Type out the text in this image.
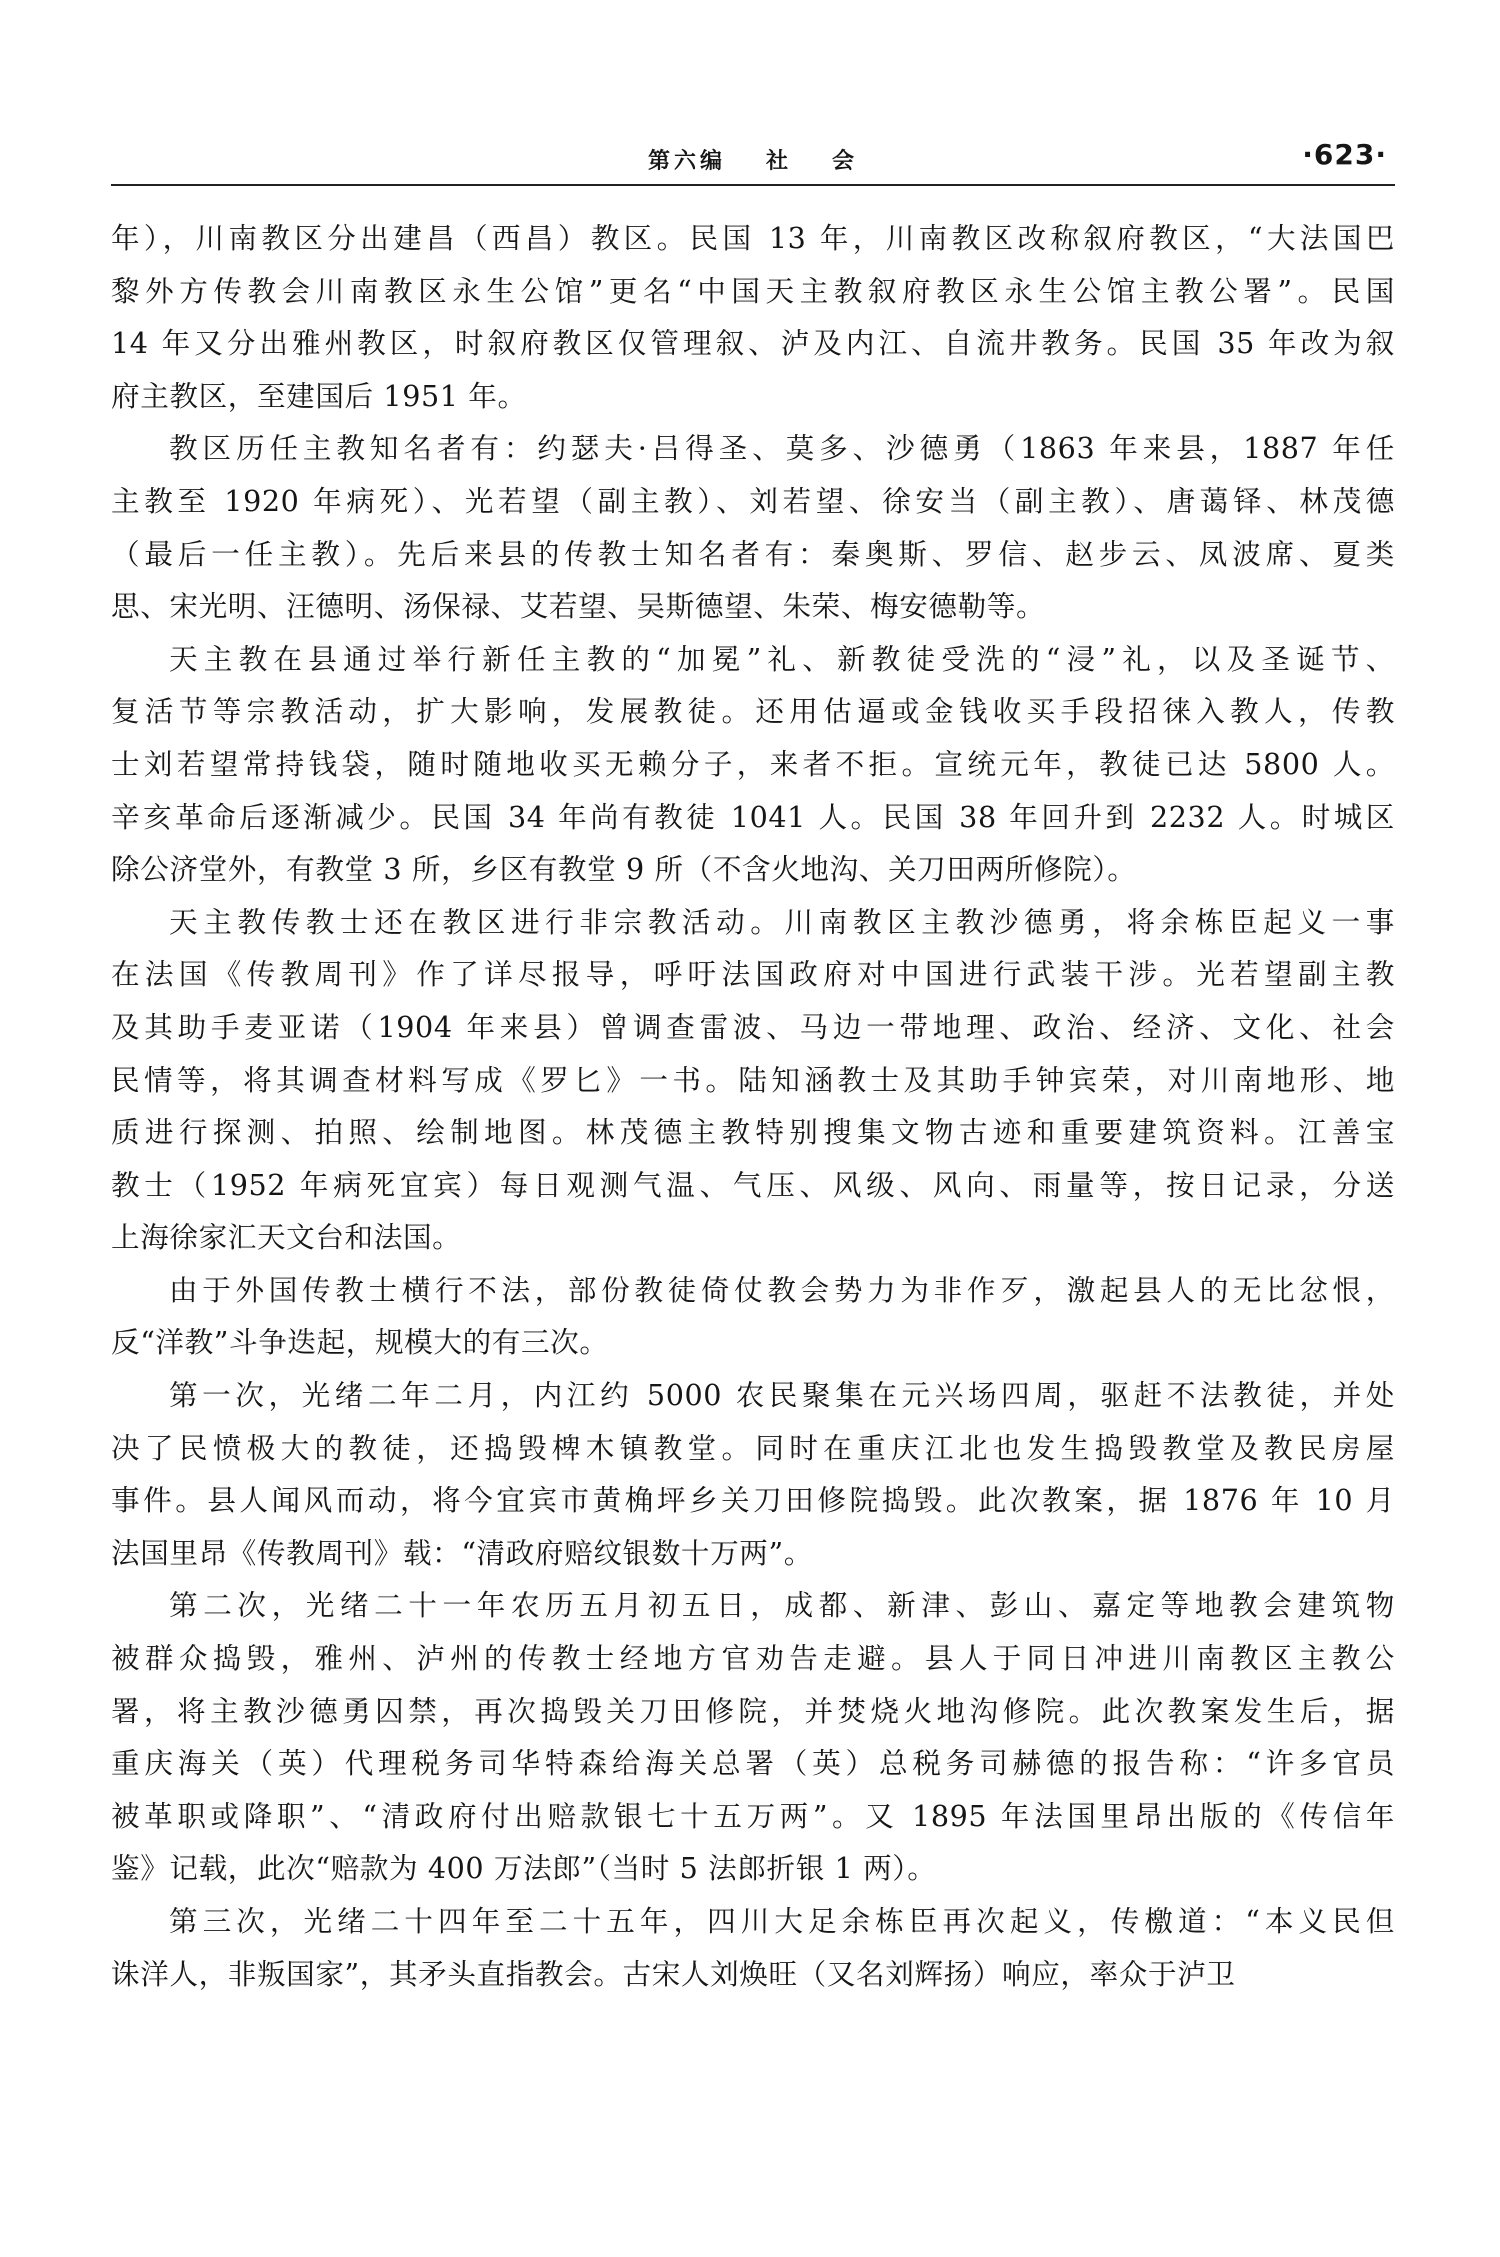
第六编 社 会	·623·

年），川南教区分出建昌（西昌）教区。民国 13 年，川南教区改称叙府教区，“大法国巴
黎外方传教会川南教区永生公馆”更名“中国天主教叙府教区永生公馆主教公署”。民国
14 年又分出雅州教区，时叙府教区仅管理叙、泸及内江、自流井教务。民国 35 年改为叙
府主教区，至建国后 1951 年。

教区历任主教知名者有：约瑟夫·吕得圣、莫多、沙德勇（1863 年来县，1887 年任
主教至 1920 年病死）、光若望（副主教）、刘若望、徐安当（副主教）、唐蔼铎、林茂德
（最后一任主教）。先后来县的传教士知名者有：秦奥斯、罗信、赵步云、凤波席、夏类
思、宋光明、汪德明、汤保禄、艾若望、吴斯德望、朱荣、梅安德勒等。

天主教在县通过举行新任主教的“加冕”礼、新教徒受洗的“浸”礼，以及圣诞节、
复活节等宗教活动，扩大影响，发展教徒。还用估逼或金钱收买手段招徕入教人，传教
士刘若望常持钱袋，随时随地收买无赖分子，来者不拒。宣统元年，教徒已达 5800 人。
辛亥革命后逐渐减少。民国 34 年尚有教徒 1041 人。民国 38 年回升到 2232 人。时城区
除公济堂外，有教堂 3 所，乡区有教堂 9 所（不含火地沟、关刀田两所修院）。

天主教传教士还在教区进行非宗教活动。川南教区主教沙德勇，将余栋臣起义一事
在法国《传教周刊》作了详尽报导，呼吁法国政府对中国进行武装干涉。光若望副主教
及其助手麦亚诺（1904 年来县）曾调查雷波、马边一带地理、政治、经济、文化、社会
民情等，将其调查材料写成《罗匕》一书。陆知涵教士及其助手钟宾荣，对川南地形、地
质进行探测、拍照、绘制地图。林茂德主教特别搜集文物古迹和重要建筑资料。江善宝
教士（1952 年病死宜宾）每日观测气温、气压、风级、风向、雨量等，按日记录，分送
上海徐家汇天文台和法国。

由于外国传教士横行不法，部份教徒倚仗教会势力为非作歹，激起县人的无比忿恨，
反“洋教”斗争迭起，规模大的有三次。

第一次，光绪二年二月，内江约 5000 农民聚集在元兴场四周，驱赶不法教徒，并处
决了民愤极大的教徒，还捣毁椑木镇教堂。同时在重庆江北也发生捣毁教堂及教民房屋
事件。县人闻风而动，将今宜宾市黄桷坪乡关刀田修院捣毁。此次教案，据 1876 年 10 月
法国里昂《传教周刊》载：“清政府赔纹银数十万两”。

第二次，光绪二十一年农历五月初五日，成都、新津、彭山、嘉定等地教会建筑物
被群众捣毁，雅州、泸州的传教士经地方官劝告走避。县人于同日冲进川南教区主教公
署，将主教沙德勇囚禁，再次捣毁关刀田修院，并焚烧火地沟修院。此次教案发生后，据
重庆海关（英）代理税务司华特森给海关总署（英）总税务司赫德的报告称：“许多官员
被革职或降职”、“清政府付出赔款银七十五万两”。又 1895 年法国里昂出版的《传信年
鉴》记载，此次“赔款为 400 万法郎”（当时 5 法郎折银 1 两）。

第三次，光绪二十四年至二十五年，四川大足余栋臣再次起义，传檄道：“本义民但
诛洋人，非叛国家”，其矛头直指教会。古宋人刘焕旺（又名刘辉扬）响应，率众于泸卫
